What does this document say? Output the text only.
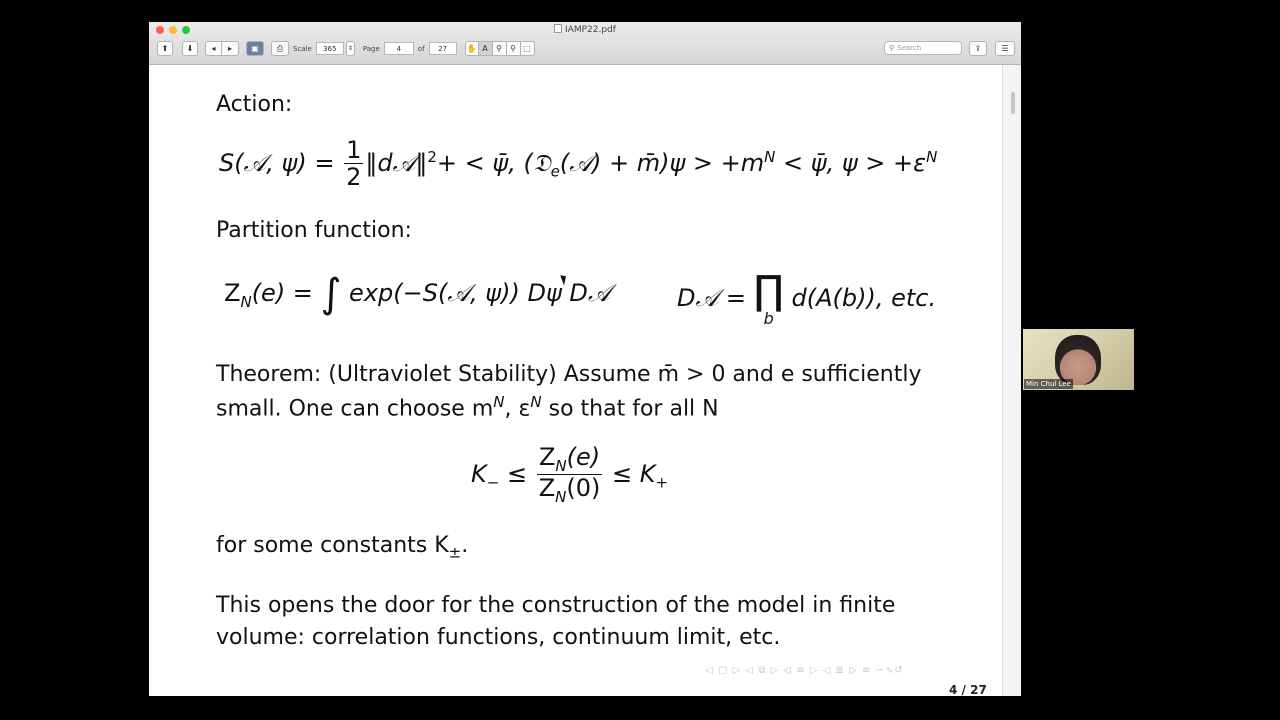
IAMP22.pdf
⬆ ⬇ ◂ ▸ ▣ ⎙	Scale	365	⇕	Page	4	of	27	✋ A ⚲ ⚲ ⬚	⚲ Search	⇪	☰
Action:
S(𝒜, $\psi) = \frac{1}{2}$ ‖d𝒜‖$^2$+ < ψ̄, (𝔇$_e$(𝒜) + m̄)ψ > $+m^N$ < ψ̄, $\psi > +\varepsilon^N$
Partition function:
$Z_N(e)$ = ∫ exp(−S(𝒜, ψ)) Dψ D𝒜	D𝒜 = ∏
b
d(A(b)), etc.
Theorem: (Ultraviolet Stability) Assume m̄ > 0 and e sufficiently
small. One can choose $m^N$, $\varepsilon^N$ so that for all N
$K_- \le \frac{Z_N(e)}{Z_N(0)} \le K_+$
for some constants $K_\pm$.
This opens the door for the construction of the model in finite
volume: correlation functions, continuum limit, etc.
◁ ▢ ▷ ◁ ⧉ ▷ ◁ ≡ ▷ ◁ ≣ ▷ ≡ ∽∿↺
4 / 27
Min Chul Lee
